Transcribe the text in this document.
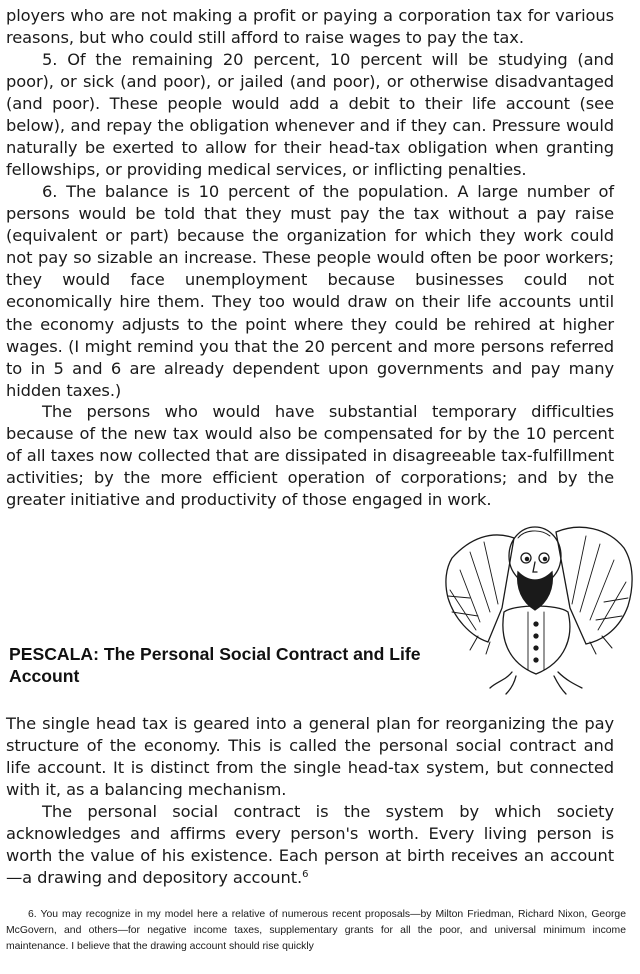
ployers who are not making a profit or paying a corporation tax for various reasons, but who could still afford to raise wages to pay the tax.

5. Of the remaining 20 percent, 10 percent will be studying (and poor), or sick (and poor), or jailed (and poor), or otherwise disadvantaged (and poor). These people would add a debit to their life account (see below), and repay the obligation whenever and if they can. Pressure would naturally be exerted to allow for their head-tax obligation when granting fellowships, or providing medical services, or inflicting penalties.

6. The balance is 10 percent of the population. A large number of persons would be told that they must pay the tax without a pay raise (equivalent or part) because the organization for which they work could not pay so sizable an increase. These people would often be poor workers; they would face unemployment because businesses could not economically hire them. They too would draw on their life accounts until the economy adjusts to the point where they could be rehired at higher wages. (I might remind you that the 20 percent and more persons referred to in 5 and 6 are already dependent upon governments and pay many hidden taxes.)

The persons who would have substantial temporary difficulties because of the new tax would also be compensated for by the 10 percent of all taxes now collected that are dissipated in disagreeable tax-fulfillment activities; by the more efficient operation of corporations; and by the greater initiative and productivity of those engaged in work.

PESCALA: The Personal Social Contract and Life Account

The single head tax is geared into a general plan for reorganizing the pay structure of the economy. This is called the personal social contract and life account. It is distinct from the single head-tax system, but connected with it, as a balancing mechanism.

The personal social contract is the system by which society acknowledges and affirms every person's worth. Every living person is worth the value of his existence. Each person at birth receives an account—a drawing and depository account.$^6$

6. You may recognize in my model here a relative of numerous recent proposals—by Milton Friedman, Richard Nixon, George McGovern, and others—for negative income taxes, supplementary grants for all the poor, and universal minimum income maintenance. I believe that the drawing account should rise quickly
